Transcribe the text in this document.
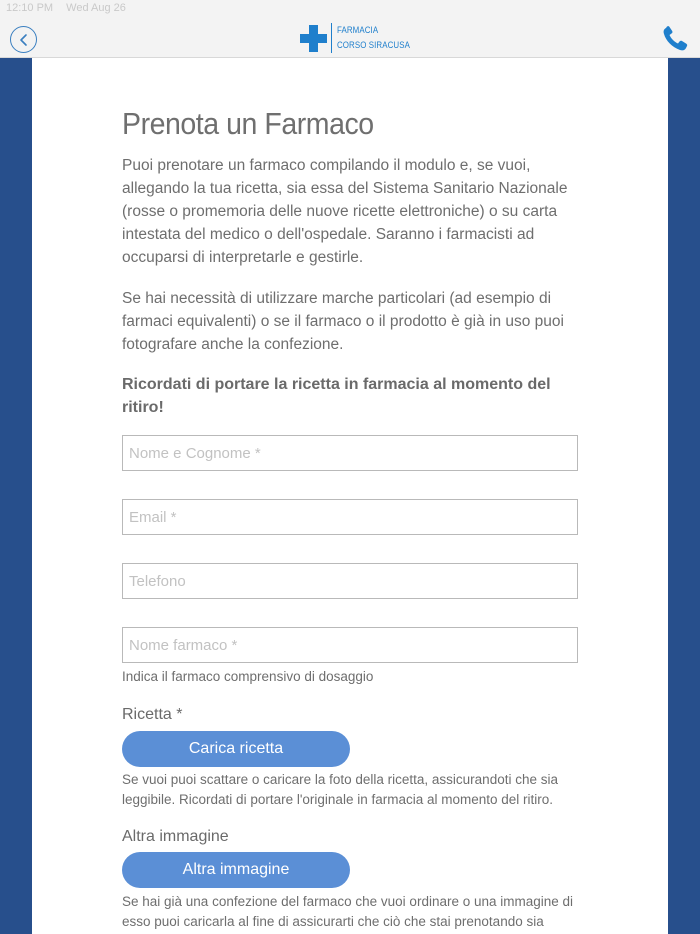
12:10 PM Wed Aug 26
FARMACIA
CORSO SIRACUSA
Prenota un Farmaco
Puoi prenotare un farmaco compilando il modulo e, se vuoi, allegando la tua ricetta, sia essa del Sistema Sanitario Nazionale (rosse o promemoria delle nuove ricette elettroniche) o su carta intestata del medico o dell'ospedale. Saranno i farmacisti ad occuparsi di interpretarle e gestirle.
Se hai necessità di utilizzare marche particolari (ad esempio di farmaci equivalenti) o se il farmaco o il prodotto è già in uso puoi fotografare anche la confezione.
Ricordati di portare la ricetta in farmacia al momento del ritiro!
Nome e Cognome *
Email *
Telefono
Nome farmaco *
Indica il farmaco comprensivo di dosaggio
Ricetta *
Carica ricetta
Se vuoi puoi scattare o caricare la foto della ricetta, assicurandoti che sia leggibile. Ricordati di portare l'originale in farmacia al momento del ritiro.
Altra immagine
Altra immagine
Se hai già una confezione del farmaco che vuoi ordinare o una immagine di esso puoi caricarla al fine di assicurarti che ciò che stai prenotando sia
